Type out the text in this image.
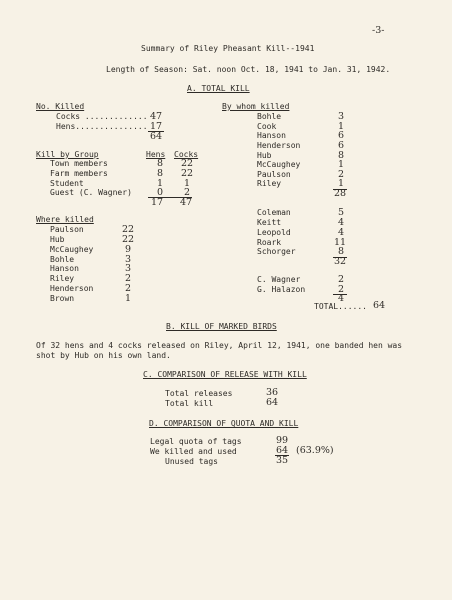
-3-
Summary of Riley Pheasant Kill--1941
Length of Season: Sat. noon Oct. 18, 1941 to Jan. 31, 1942.
A. TOTAL KILL
No. Killed
Cocks ............. 47
Hens............... 17
64
Kill by Group	Hens Cocks
Town members	8 22
Farm members	8 22
Student	1 1
Guest (C. Wagner)	0 2
17 47
Where killed
Paulson	22
Hub	22
McCaughey	9
Bohle	3
Hanson	3
Riley	2
Henderson	2
Brown	1
By whom killed
Bohle	3
Cook	1
Hanson	6
Henderson	6
Hub	8
McCaughey	1
Paulson	2
Riley	1
28
Coleman	5
Keitt	4
Leopold	4
Roark	11
Schorger	8
32
C. Wagner	2
G. Halazon	2
4
TOTAL...... 64
B. KILL OF MARKED BIRDS
Of 32 hens and 4 cocks released on Riley, April 12, 1941, one banded hen was
shot by Hub on his own land.
C. COMPARISON OF RELEASE WITH KILL
Total releases	36
Total kill	64
D. COMPARISON OF QUOTA AND KILL
Legal quota of tags	99
We killed and used	64 (63.9%)
Unused tags	35
